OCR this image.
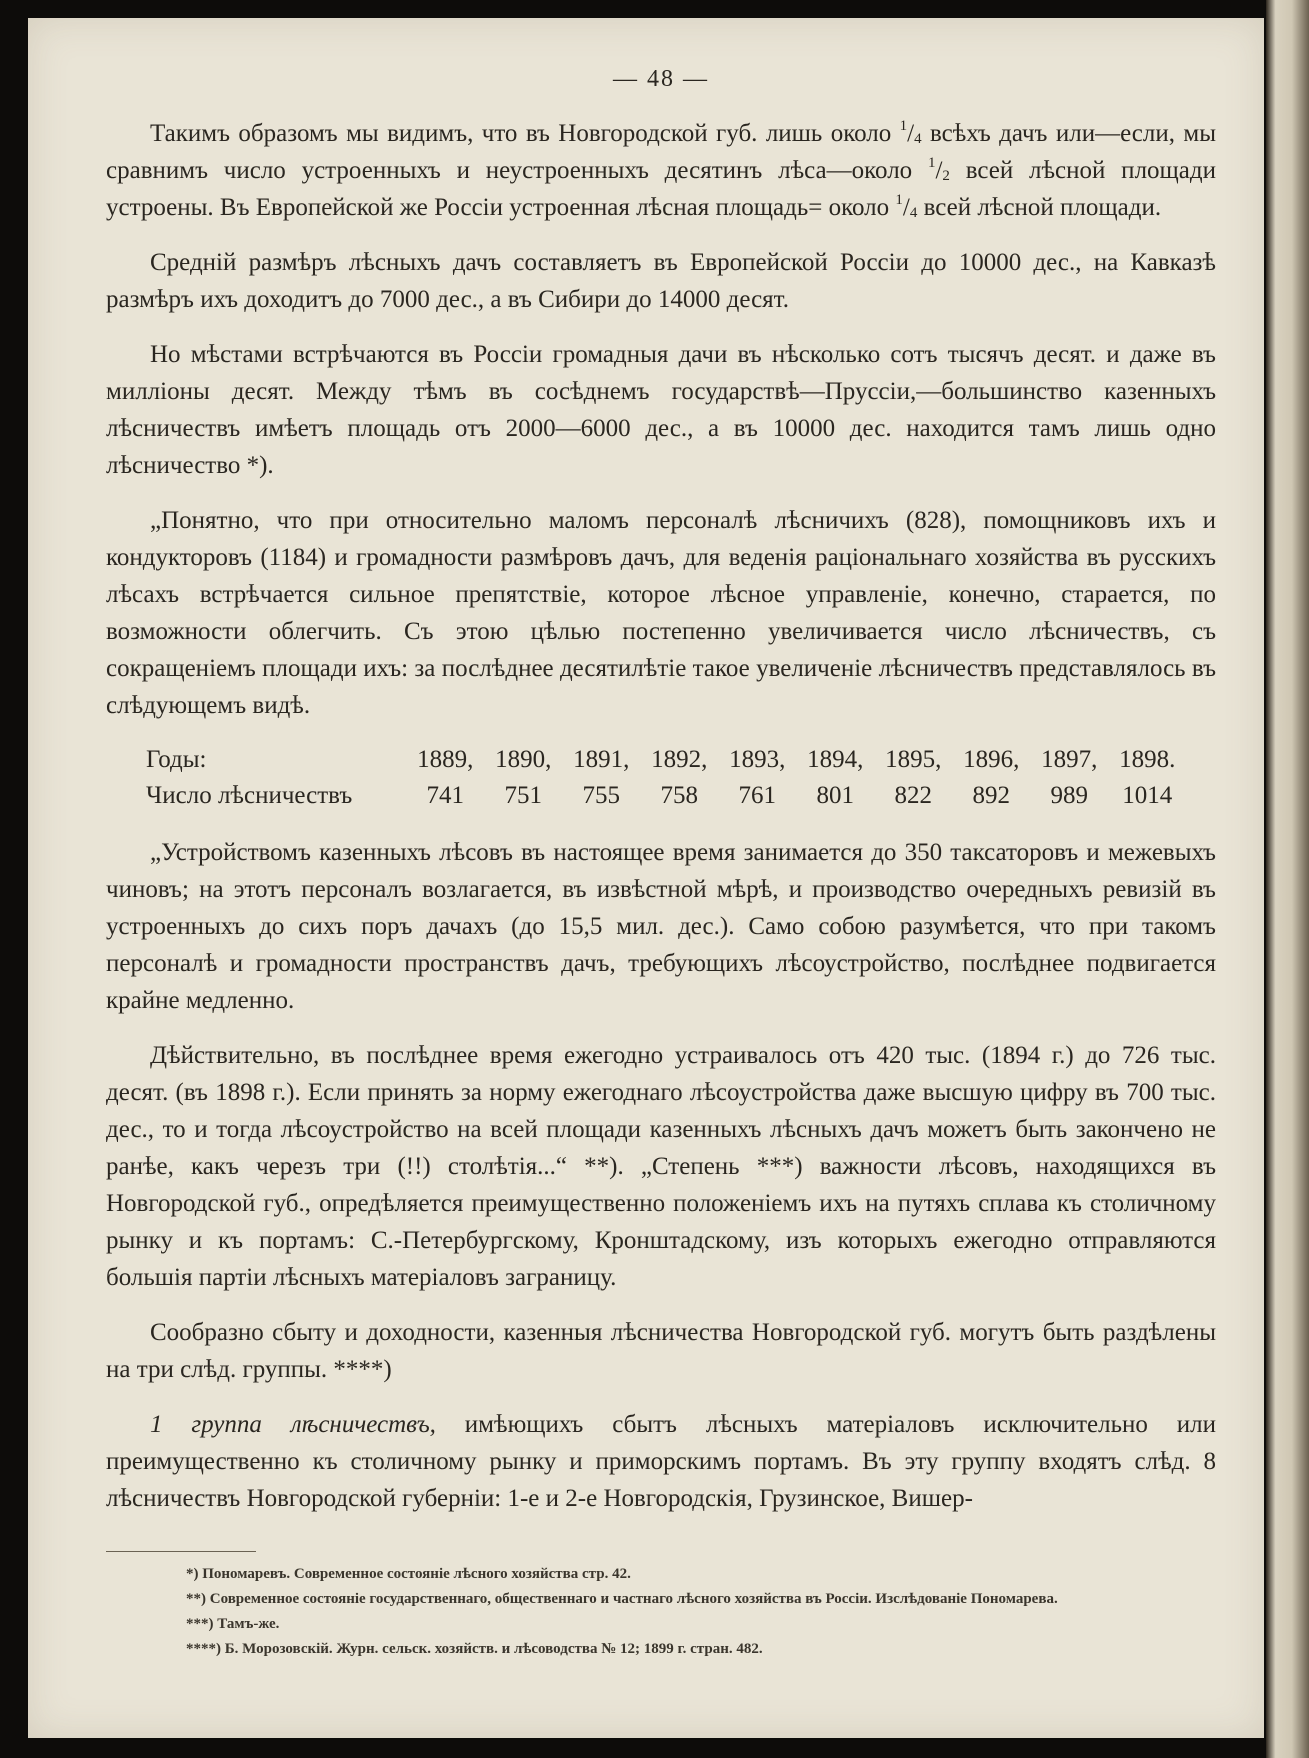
— 48 —

Такимъ образомъ мы видимъ, что въ Новгородской губ. лишь около $^1/_4$ всѣхъ дачъ или—если, мы сравнимъ число устроенныхъ и неустроенныхъ десятинъ лѣса—около $^1/_2$ всей лѣсной площади устроены. Въ Европейской же Россіи устроенная лѣсная площадь= около $^1/_4$ всей лѣсной площади.

Средній размѣръ лѣсныхъ дачъ составляетъ въ Европейской Россіи до 10000 дес., на Кавказѣ размѣръ ихъ доходитъ до 7000 дес., а въ Сибири до 14000 десят.

Но мѣстами встрѣчаются въ Россіи громадныя дачи въ нѣсколько сотъ тысячъ десят. и даже въ милліоны десят. Между тѣмъ въ сосѣднемъ государствѣ—Пруссіи,—большинство казенныхъ лѣсничествъ имѣетъ площадь отъ 2000—6000 дес., а въ 10000 дес. находится тамъ лишь одно лѣсничество *).

„Понятно, что при относительно маломъ персоналѣ лѣсничихъ (828), помощниковъ ихъ и кондукторовъ (1184) и громадности размѣровъ дачъ, для веденія раціональнаго хозяйства въ русскихъ лѣсахъ встрѣчается сильное препятствіе, которое лѣсное управленіе, конечно, старается, по возможности облегчить. Съ этою цѣлью постепенно увеличивается число лѣсничествъ, съ сокращеніемъ площади ихъ: за послѣднее десятилѣтіе такое увеличеніе лѣсничествъ представлялось въ слѣдующемъ видѣ.

Годы:	1889,	1890,	1891,	1892,	1893,	1894,	1895,	1896,	1897,	1898.
Число лѣсничествъ	741	751	755	758	761	801	822	892	989	1014

„Устройствомъ казенныхъ лѣсовъ въ настоящее время занимается до 350 таксаторовъ и межевыхъ чиновъ; на этотъ персоналъ возлагается, въ извѣстной мѣрѣ, и производство очередныхъ ревизій въ устроенныхъ до сихъ поръ дачахъ (до 15,5 мил. дес.). Само собою разумѣется, что при такомъ персоналѣ и громадности пространствъ дачъ, требующихъ лѣсоустройство, послѣднее подвигается крайне медленно.

Дѣйствительно, въ послѣднее время ежегодно устраивалось отъ 420 тыс. (1894 г.) до 726 тыс. десят. (въ 1898 г.). Если принять за норму ежегоднаго лѣсоустройства даже высшую цифру въ 700 тыс. дес., то и тогда лѣсоустройство на всей площади казенныхъ лѣсныхъ дачъ можетъ быть закончено не ранѣе, какъ черезъ три (!!) столѣтія...“ **). „Степень ***) важности лѣсовъ, находящихся въ Новгородской губ., опредѣляется преимущественно положеніемъ ихъ на путяхъ сплава къ столичному рынку и къ портамъ: С.-Петербургскому, Кронштадскому, изъ которыхъ ежегодно отправляются большія партіи лѣсныхъ матеріаловъ заграницу.

Сообразно сбыту и доходности, казенныя лѣсничества Новгородской губ. могутъ быть раздѣлены на три слѣд. группы. ****)

1 группа лѣсничествъ, имѣющихъ сбытъ лѣсныхъ матеріаловъ исключительно или преимущественно къ столичному рынку и приморскимъ портамъ. Въ эту группу входятъ слѣд. 8 лѣсничествъ Новгородской губерніи: 1-е и 2-е Новгородскія, Грузинское, Вишер-

*) Пономаревъ. Современное состояніе лѣсного хозяйства стр. 42.

**) Современное состояніе государственнаго, общественнаго и частнаго лѣсного хозяйства въ Россіи. Изслѣдованіе Пономарева.

***) Тамъ-же.

****) Б. Морозовскій. Журн. сельск. хозяйств. и лѣсоводства № 12; 1899 г. стран. 482.
